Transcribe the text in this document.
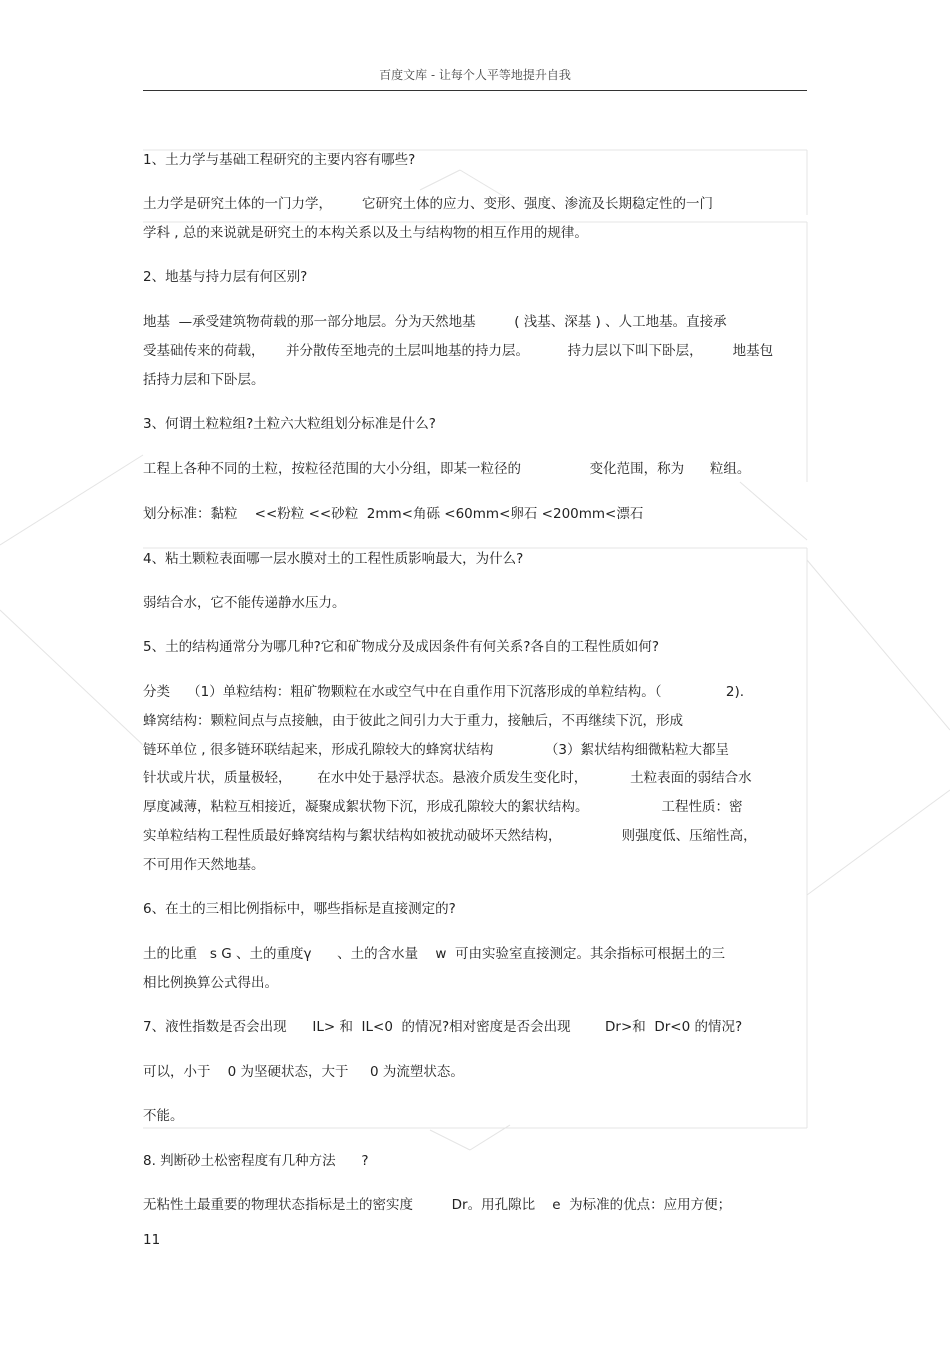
百度文库 - 让每个人平等地提升自我
1、土力学与基础工程研究的主要内容有哪些?
土力学是研究土体的一门力学，       它研究土体的应力、变形、强度、渗流及长期稳定性的一门
学科 , 总的来说就是研究土的本构关系以及土与结构物的相互作用的规律。
2、地基与持力层有何区别?
地基  —承受建筑物荷载的那一部分地层。分为天然地基         ( 浅基、深基 ) 、人工地基。直接承
受基础传来的荷载，     并分散传至地壳的土层叫地基的持力层。         持力层以下叫下卧层，       地基包
括持力层和下卧层。
3、何谓土粒粒组?土粒六大粒组划分标准是什么?
工程上各种不同的土粒，按粒径范围的大小分组，即某一粒径的                变化范围，称为      粒组。
划分标准：黏粒    <<粉粒 <<砂粒  2mm<角砾 <60mm<卵石 <200mm<漂石
4、粘土颗粒表面哪一层水膜对土的工程性质影响最大，为什么?
弱结合水，它不能传递静水压力。
5、土的结构通常分为哪几种?它和矿物成分及成因条件有何关系?各自的工程性质如何?
分类    （1）单粒结构：粗矿物颗粒在水或空气中在自重作用下沉落形成的单粒结构。（               2).
蜂窝结构：颗粒间点与点接触，由于彼此之间引力大于重力，接触后，不再继续下沉，形成
链环单位 , 很多链环联结起来，形成孔隙较大的蜂窝状结构            （3）絮状结构细微粘粒大都呈
针状或片状，质量极轻，      在水中处于悬浮状态。悬液介质发生变化时，          土粒表面的弱结合水
厚度减薄，粘粒互相接近，凝聚成絮状物下沉，形成孔隙较大的絮状结构。                 工程性质：密
实单粒结构工程性质最好蜂窝结构与絮状结构如被扰动破坏天然结构，              则强度低、压缩性高，
不可用作天然地基。
6、在土的三相比例指标中，哪些指标是直接测定的?
土的比重   s G 、土的重度γ      、土的含水量    w  可由实验室直接测定。其余指标可根据土的三
相比例换算公式得出。
7、液性指数是否会出现      IL> 和  IL<0  的情况?相对密度是否会出现        Dr>和  Dr<0 的情况?
可以，小于    0 为坚硬状态，大于     0 为流塑状态。
不能。
8. 判断砂土松密程度有几种方法      ?
无粘性土最重要的物理状态指标是土的密实度         Dr。用孔隙比    e  为标准的优点：应用方便；
11
